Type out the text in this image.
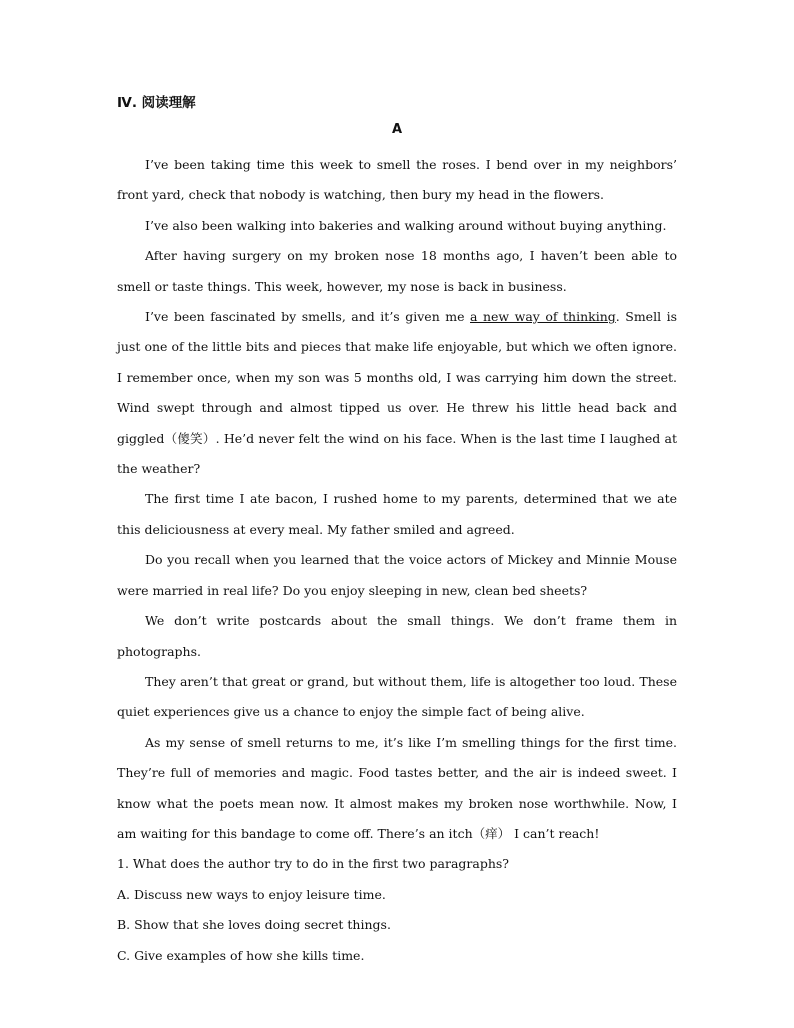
Ⅳ. 阅读理解
A

I’ve been taking time this week to smell the roses. I bend over in my neighbors’ front yard, check that nobody is watching, then bury my head in the flowers.

I’ve also been walking into bakeries and walking around without buying anything.

After having surgery on my broken nose 18 months ago, I haven’t been able to smell or taste things. This week, however, my nose is back in business.

I’ve been fascinated by smells, and it’s given me a new way of thinking. Smell is just one of the little bits and pieces that make life enjoyable, but which we often ignore. I remember once, when my son was 5 months old, I was carrying him down the street. Wind swept through and almost tipped us over. He threw his little head back and giggled（傻笑）. He’d never felt the wind on his face. When is the last time I laughed at the weather?

The first time I ate bacon, I rushed home to my parents, determined that we ate this deliciousness at every meal. My father smiled and agreed.

Do you recall when you learned that the voice actors of Mickey and Minnie Mouse were married in real life? Do you enjoy sleeping in new, clean bed sheets?

We don’t write postcards about the small things. We don’t frame them in photographs.

They aren’t that great or grand, but without them, life is altogether too loud. These quiet experiences give us a chance to enjoy the simple fact of being alive.

As my sense of smell returns to me, it’s like I’m smelling things for the first time. They’re full of memories and magic. Food tastes better, and the air is indeed sweet. I know what the poets mean now. It almost makes my broken nose worthwhile. Now, I am waiting for this bandage to come off. There’s an itch（痒） I can’t reach!

1. What does the author try to do in the first two paragraphs?

A. Discuss new ways to enjoy leisure time.

B. Show that she loves doing secret things.

C. Give examples of how she kills time.
